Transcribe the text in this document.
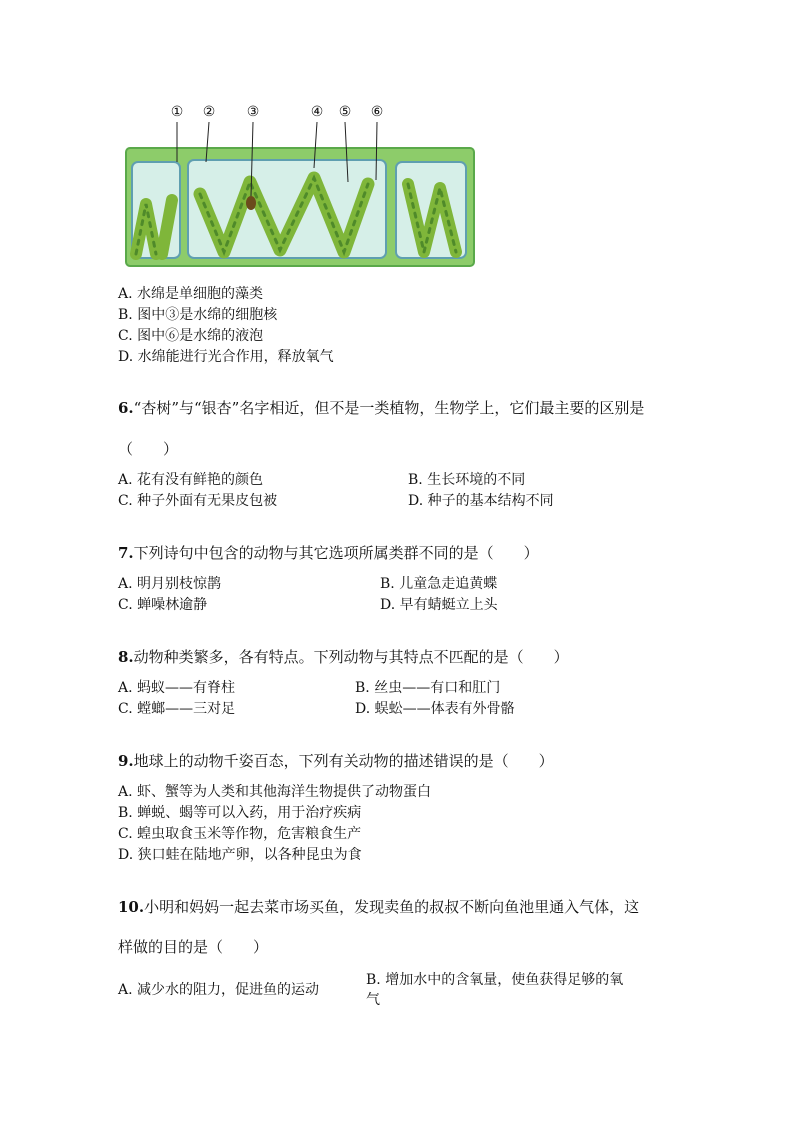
① ② ③	④ ⑤ ⑥
A. 水绵是单细胞的藻类
B. 图中③是水绵的细胞核
C. 图中⑥是水绵的液泡
D. 水绵能进行光合作用，释放氧气
6.“杏树”与“银杏”名字相近，但不是一类植物，生物学上，它们最主要的区别是
（　　）
A. 花有没有鲜艳的颜色	B. 生长环境的不同
C. 种子外面有无果皮包被	D. 种子的基本结构不同
7.下列诗句中包含的动物与其它选项所属类群不同的是（　　）
A. 明月别枝惊鹊	B. 儿童急走追黄蝶
C. 蝉噪林逾静	D. 早有蜻蜓立上头
8.动物种类繁多，各有特点。下列动物与其特点不匹配的是（　　）
A. 蚂蚁——有脊柱	B. 丝虫——有口和肛门
C. 螳螂——三对足	D. 蜈蚣——体表有外骨骼
9.地球上的动物千姿百态，下列有关动物的描述错误的是（　　）
A. 虾、蟹等为人类和其他海洋生物提供了动物蛋白
B. 蝉蜕、蝎等可以入药，用于治疗疾病
C. 蝗虫取食玉米等作物，危害粮食生产
D. 狭口蛙在陆地产卵，以各种昆虫为食
10.小明和妈妈一起去菜市场买鱼，发现卖鱼的叔叔不断向鱼池里通入气体，这
样做的目的是（　　）
A. 减少水的阻力，促进鱼的运动
B. 增加水中的含氧量，使鱼获得足够的氧
气
